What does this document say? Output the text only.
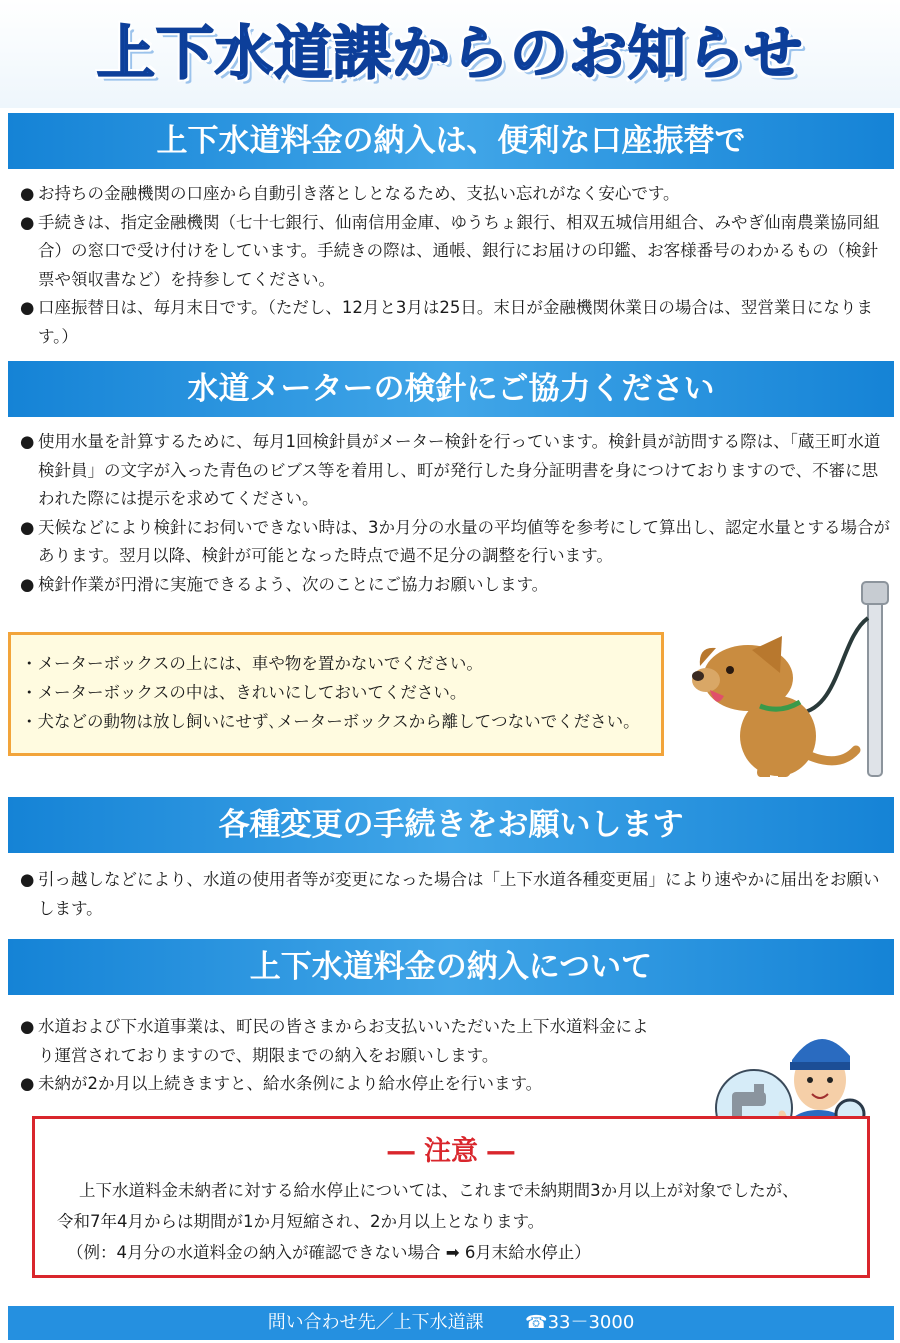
上下水道課からのお知らせ
上下水道料金の納入は、便利な口座振替で
● お持ちの金融機関の口座から自動引き落としとなるため、支払い忘れがなく安心です。
● 手続きは、指定金融機関（七十七銀行、仙南信用金庫、ゆうちょ銀行、相双五城信用組合、みやぎ仙南農業協同組合）の窓口で受け付けをしています。手続きの際は、通帳、銀行にお届けの印鑑、お客様番号のわかるもの（検針票や領収書など）を持参してください。
● 口座振替日は、毎月末日です。（ただし、12月と3月は25日。末日が金融機関休業日の場合は、翌営業日になります。）
水道メーターの検針にご協力ください
● 使用水量を計算するために、毎月1回検針員がメーター検針を行っています。検針員が訪問する際は、「蔵王町水道検針員」の文字が入った青色のビブス等を着用し、町が発行した身分証明書を身につけておりますので、不審に思われた際には提示を求めてください。
● 天候などにより検針にお伺いできない時は、3か月分の水量の平均値等を参考にして算出し、認定水量とする場合があります。翌月以降、検針が可能となった時点で過不足分の調整を行います。
● 検針作業が円滑に実施できるよう、次のことにご協力お願いします。
・メーターボックスの上には、車や物を置かないでください。
・メーターボックスの中は、きれいにしておいてください。
・犬などの動物は放し飼いにせず､メーターボックスから離してつないでください。
各種変更の手続きをお願いします
● 引っ越しなどにより、水道の使用者等が変更になった場合は「上下水道各種変更届」により速やかに届出をお願いします。
上下水道料金の納入について
● 水道および下水道事業は、町民の皆さまからお支払いいただいた上下水道料金により運営されておりますので、期限までの納入をお願いします。
● 未納が2か月以上続きますと、給水条例により給水停止を行います。
― 注意 ―
上下水道料金未納者に対する給水停止については、これまで未納期間3か月以上が対象でしたが、
令和7年4月からは期間が1か月短縮され、2か月以上となります。
（例：4月分の水道料金の納入が確認できない場合 ➡ 6月末給水停止）
問い合わせ先／上下水道課 ☎33－3000
